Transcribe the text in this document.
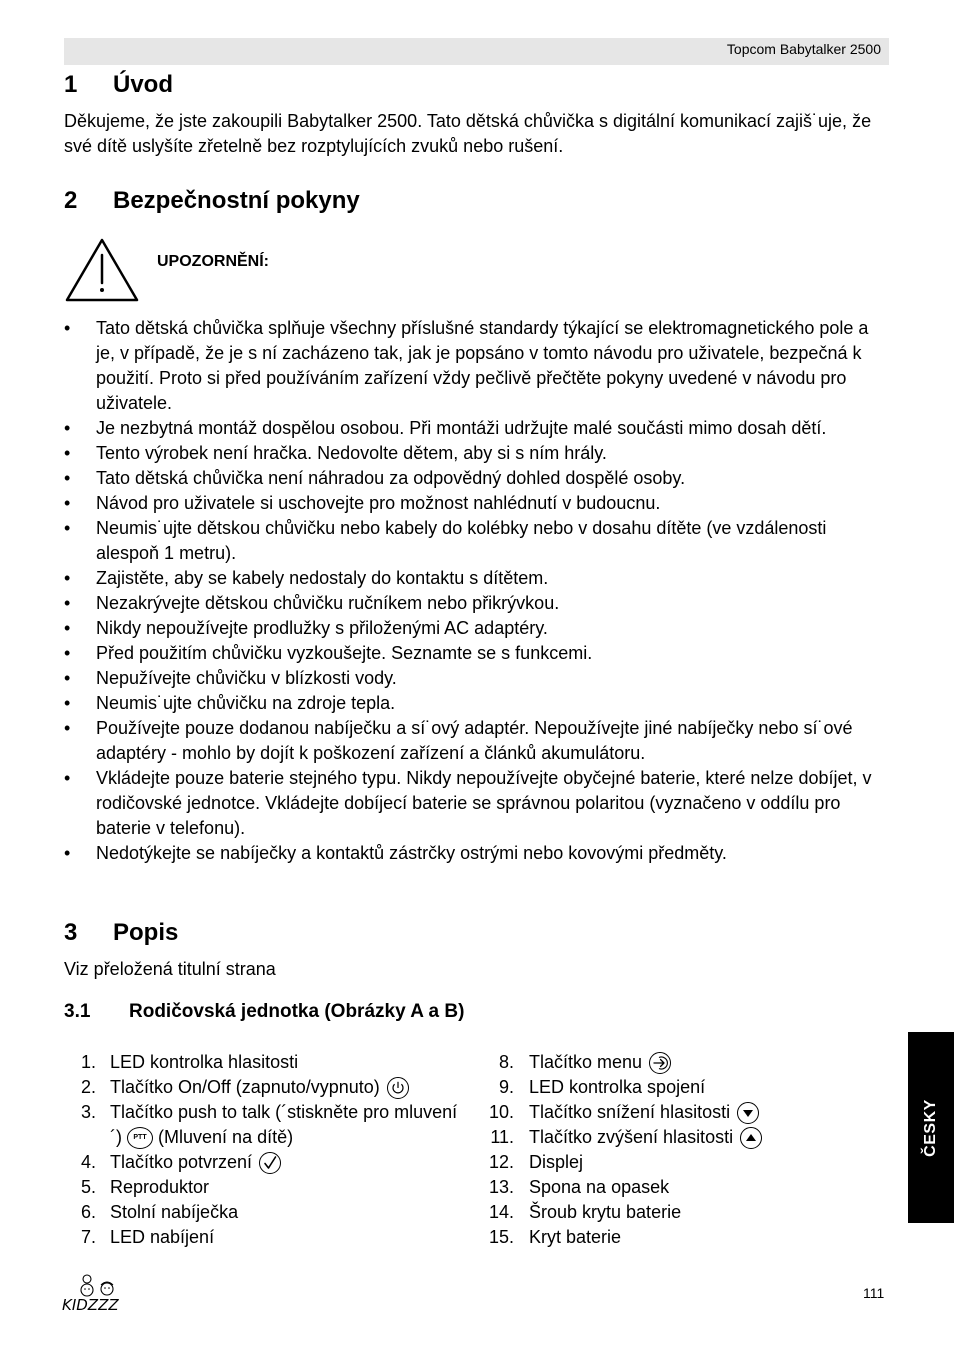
Topcom Babytalker 2500
1 Úvod
Děkujeme, že jste zakoupili Babytalker 2500. Tato dětská chůvička s digitální komunikací zajiš˙uje, že své dítě uslyšíte zřetelně bez rozptylujících zvuků nebo rušení.
2 Bezpečnostní pokyny
UPOZORNĚNÍ:
• Tato dětská chůvička splňuje všechny příslušné standardy týkající se elektromagnetického pole a je, v případě, že je s ní zacházeno tak, jak je popsáno v tomto návodu pro uživatele, bezpečná k použití. Proto si před používáním zařízení vždy pečlivě přečtěte pokyny uvedené v návodu pro uživatele.
• Je nezbytná montáž dospělou osobou. Při montáži udržujte malé součásti mimo dosah dětí.
• Tento výrobek není hračka. Nedovolte dětem, aby si s ním hrály.
• Tato dětská chůvička není náhradou za odpovědný dohled dospělé osoby.
• Návod pro uživatele si uschovejte pro možnost nahlédnutí v budoucnu.
• Neumis˙ujte dětskou chůvičku nebo kabely do kolébky nebo v dosahu dítěte (ve vzdálenosti alespoň 1 metru).
• Zajistěte, aby se kabely nedostaly do kontaktu s dítětem.
• Nezakrývejte dětskou chůvičku ručníkem nebo přikrývkou.
• Nikdy nepoužívejte prodlužky s přiloženými AC adaptéry.
• Před použitím chůvičku vyzkoušejte. Seznamte se s funkcemi.
• Nepužívejte chůvičku v blízkosti vody.
• Neumis˙ujte chůvičku na zdroje tepla.
• Používejte pouze dodanou nabíječku a sí˙ový adaptér. Nepoužívejte jiné nabíječky nebo sí˙ové adaptéry - mohlo by dojít k poškození zařízení a článků akumulátoru.
• Vkládejte pouze baterie stejného typu. Nikdy nepoužívejte obyčejné baterie, které nelze dobíjet, v rodičovské jednotce. Vkládejte dobíjecí baterie se správnou polaritou (vyznačeno v oddílu pro baterie v telefonu).
• Nedotýkejte se nabíječky a kontaktů zástrčky ostrými nebo kovovými předměty.
3 Popis
Viz přeložená titulní strana
3.1 Rodičovská jednotka (Obrázky A a B)
1. LED kontrolka hlasitosti
2. Tlačítko On/Off (zapnuto/vypnuto)
3. Tlačítko push to talk (´stiskněte pro mluvení´) PTT (Mluvení na dítě)
4. Tlačítko potvrzení
5. Reproduktor
6. Stolní nabíječka
7. LED nabíjení
8. Tlačítko menu
9. LED kontrolka spojení
10. Tlačítko snížení hlasitosti
11. Tlačítko zvýšení hlasitosti
12. Displej
13. Spona na opasek
14. Šroub krytu baterie
15. Kryt baterie
ČESKY
KIDZZZ
111
